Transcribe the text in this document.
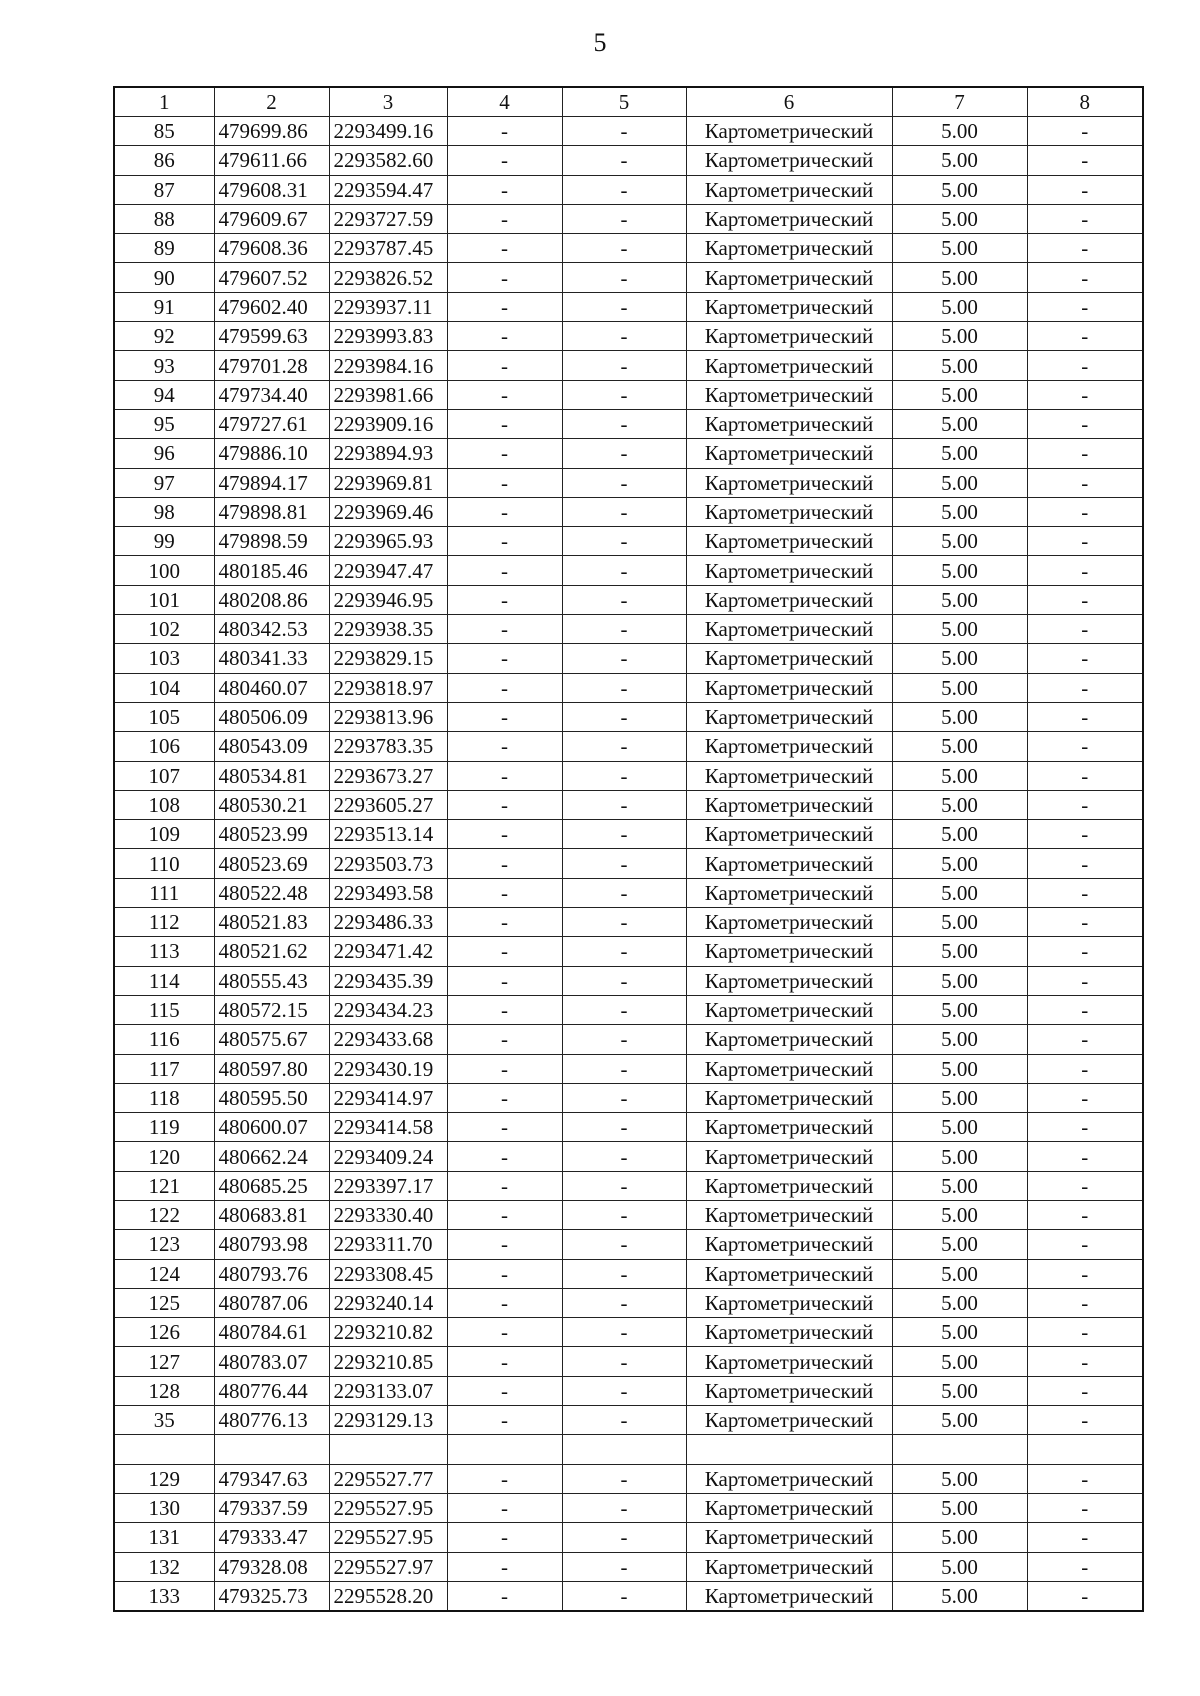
5
1	2	3	4	5	6	7	8
85	479699.86	2293499.16	-	-	Картометрический	5.00	-
86	479611.66	2293582.60	-	-	Картометрический	5.00	-
87	479608.31	2293594.47	-	-	Картометрический	5.00	-
88	479609.67	2293727.59	-	-	Картометрический	5.00	-
89	479608.36	2293787.45	-	-	Картометрический	5.00	-
90	479607.52	2293826.52	-	-	Картометрический	5.00	-
91	479602.40	2293937.11	-	-	Картометрический	5.00	-
92	479599.63	2293993.83	-	-	Картометрический	5.00	-
93	479701.28	2293984.16	-	-	Картометрический	5.00	-
94	479734.40	2293981.66	-	-	Картометрический	5.00	-
95	479727.61	2293909.16	-	-	Картометрический	5.00	-
96	479886.10	2293894.93	-	-	Картометрический	5.00	-
97	479894.17	2293969.81	-	-	Картометрический	5.00	-
98	479898.81	2293969.46	-	-	Картометрический	5.00	-
99	479898.59	2293965.93	-	-	Картометрический	5.00	-
100	480185.46	2293947.47	-	-	Картометрический	5.00	-
101	480208.86	2293946.95	-	-	Картометрический	5.00	-
102	480342.53	2293938.35	-	-	Картометрический	5.00	-
103	480341.33	2293829.15	-	-	Картометрический	5.00	-
104	480460.07	2293818.97	-	-	Картометрический	5.00	-
105	480506.09	2293813.96	-	-	Картометрический	5.00	-
106	480543.09	2293783.35	-	-	Картометрический	5.00	-
107	480534.81	2293673.27	-	-	Картометрический	5.00	-
108	480530.21	2293605.27	-	-	Картометрический	5.00	-
109	480523.99	2293513.14	-	-	Картометрический	5.00	-
110	480523.69	2293503.73	-	-	Картометрический	5.00	-
111	480522.48	2293493.58	-	-	Картометрический	5.00	-
112	480521.83	2293486.33	-	-	Картометрический	5.00	-
113	480521.62	2293471.42	-	-	Картометрический	5.00	-
114	480555.43	2293435.39	-	-	Картометрический	5.00	-
115	480572.15	2293434.23	-	-	Картометрический	5.00	-
116	480575.67	2293433.68	-	-	Картометрический	5.00	-
117	480597.80	2293430.19	-	-	Картометрический	5.00	-
118	480595.50	2293414.97	-	-	Картометрический	5.00	-
119	480600.07	2293414.58	-	-	Картометрический	5.00	-
120	480662.24	2293409.24	-	-	Картометрический	5.00	-
121	480685.25	2293397.17	-	-	Картометрический	5.00	-
122	480683.81	2293330.40	-	-	Картометрический	5.00	-
123	480793.98	2293311.70	-	-	Картометрический	5.00	-
124	480793.76	2293308.45	-	-	Картометрический	5.00	-
125	480787.06	2293240.14	-	-	Картометрический	5.00	-
126	480784.61	2293210.82	-	-	Картометрический	5.00	-
127	480783.07	2293210.85	-	-	Картометрический	5.00	-
128	480776.44	2293133.07	-	-	Картометрический	5.00	-
35	480776.13	2293129.13	-	-	Картометрический	5.00	-

129	479347.63	2295527.77	-	-	Картометрический	5.00	-
130	479337.59	2295527.95	-	-	Картометрический	5.00	-
131	479333.47	2295527.95	-	-	Картометрический	5.00	-
132	479328.08	2295527.97	-	-	Картометрический	5.00	-
133	479325.73	2295528.20	-	-	Картометрический	5.00	-
